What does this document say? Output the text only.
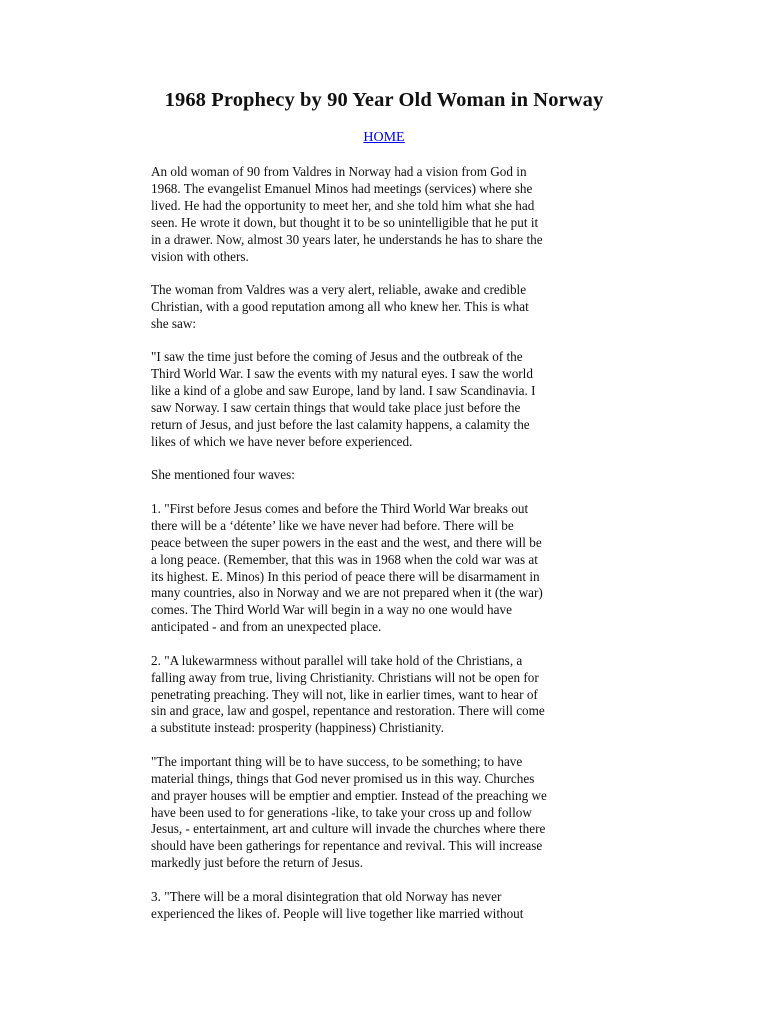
1968 Prophecy by 90 Year Old Woman in Norway
HOME

An old woman of 90 from Valdres in Norway had a vision from God in
1968. The evangelist Emanuel Minos had meetings (services) where she
lived. He had the opportunity to meet her, and she told him what she had
seen. He wrote it down, but thought it to be so unintelligible that he put it
in a drawer. Now, almost 30 years later, he understands he has to share the
vision with others.

The woman from Valdres was a very alert, reliable, awake and credible
Christian, with a good reputation among all who knew her. This is what
she saw:

"I saw the time just before the coming of Jesus and the outbreak of the
Third World War. I saw the events with my natural eyes. I saw the world
like a kind of a globe and saw Europe, land by land. I saw Scandinavia. I
saw Norway. I saw certain things that would take place just before the
return of Jesus, and just before the last calamity happens, a calamity the
likes of which we have never before experienced.

She mentioned four waves:

1. "First before Jesus comes and before the Third World War breaks out
there will be a ‘détente’ like we have never had before. There will be
peace between the super powers in the east and the west, and there will be
a long peace. (Remember, that this was in 1968 when the cold war was at
its highest. E. Minos) In this period of peace there will be disarmament in
many countries, also in Norway and we are not prepared when it (the war)
comes. The Third World War will begin in a way no one would have
anticipated - and from an unexpected place.

2. "A lukewarmness without parallel will take hold of the Christians, a
falling away from true, living Christianity. Christians will not be open for
penetrating preaching. They will not, like in earlier times, want to hear of
sin and grace, law and gospel, repentance and restoration. There will come
a substitute instead: prosperity (happiness) Christianity.

"The important thing will be to have success, to be something; to have
material things, things that God never promised us in this way. Churches
and prayer houses will be emptier and emptier. Instead of the preaching we
have been used to for generations -like, to take your cross up and follow
Jesus, - entertainment, art and culture will invade the churches where there
should have been gatherings for repentance and revival. This will increase
markedly just before the return of Jesus.

3. "There will be a moral disintegration that old Norway has never
experienced the likes of. People will live together like married without
